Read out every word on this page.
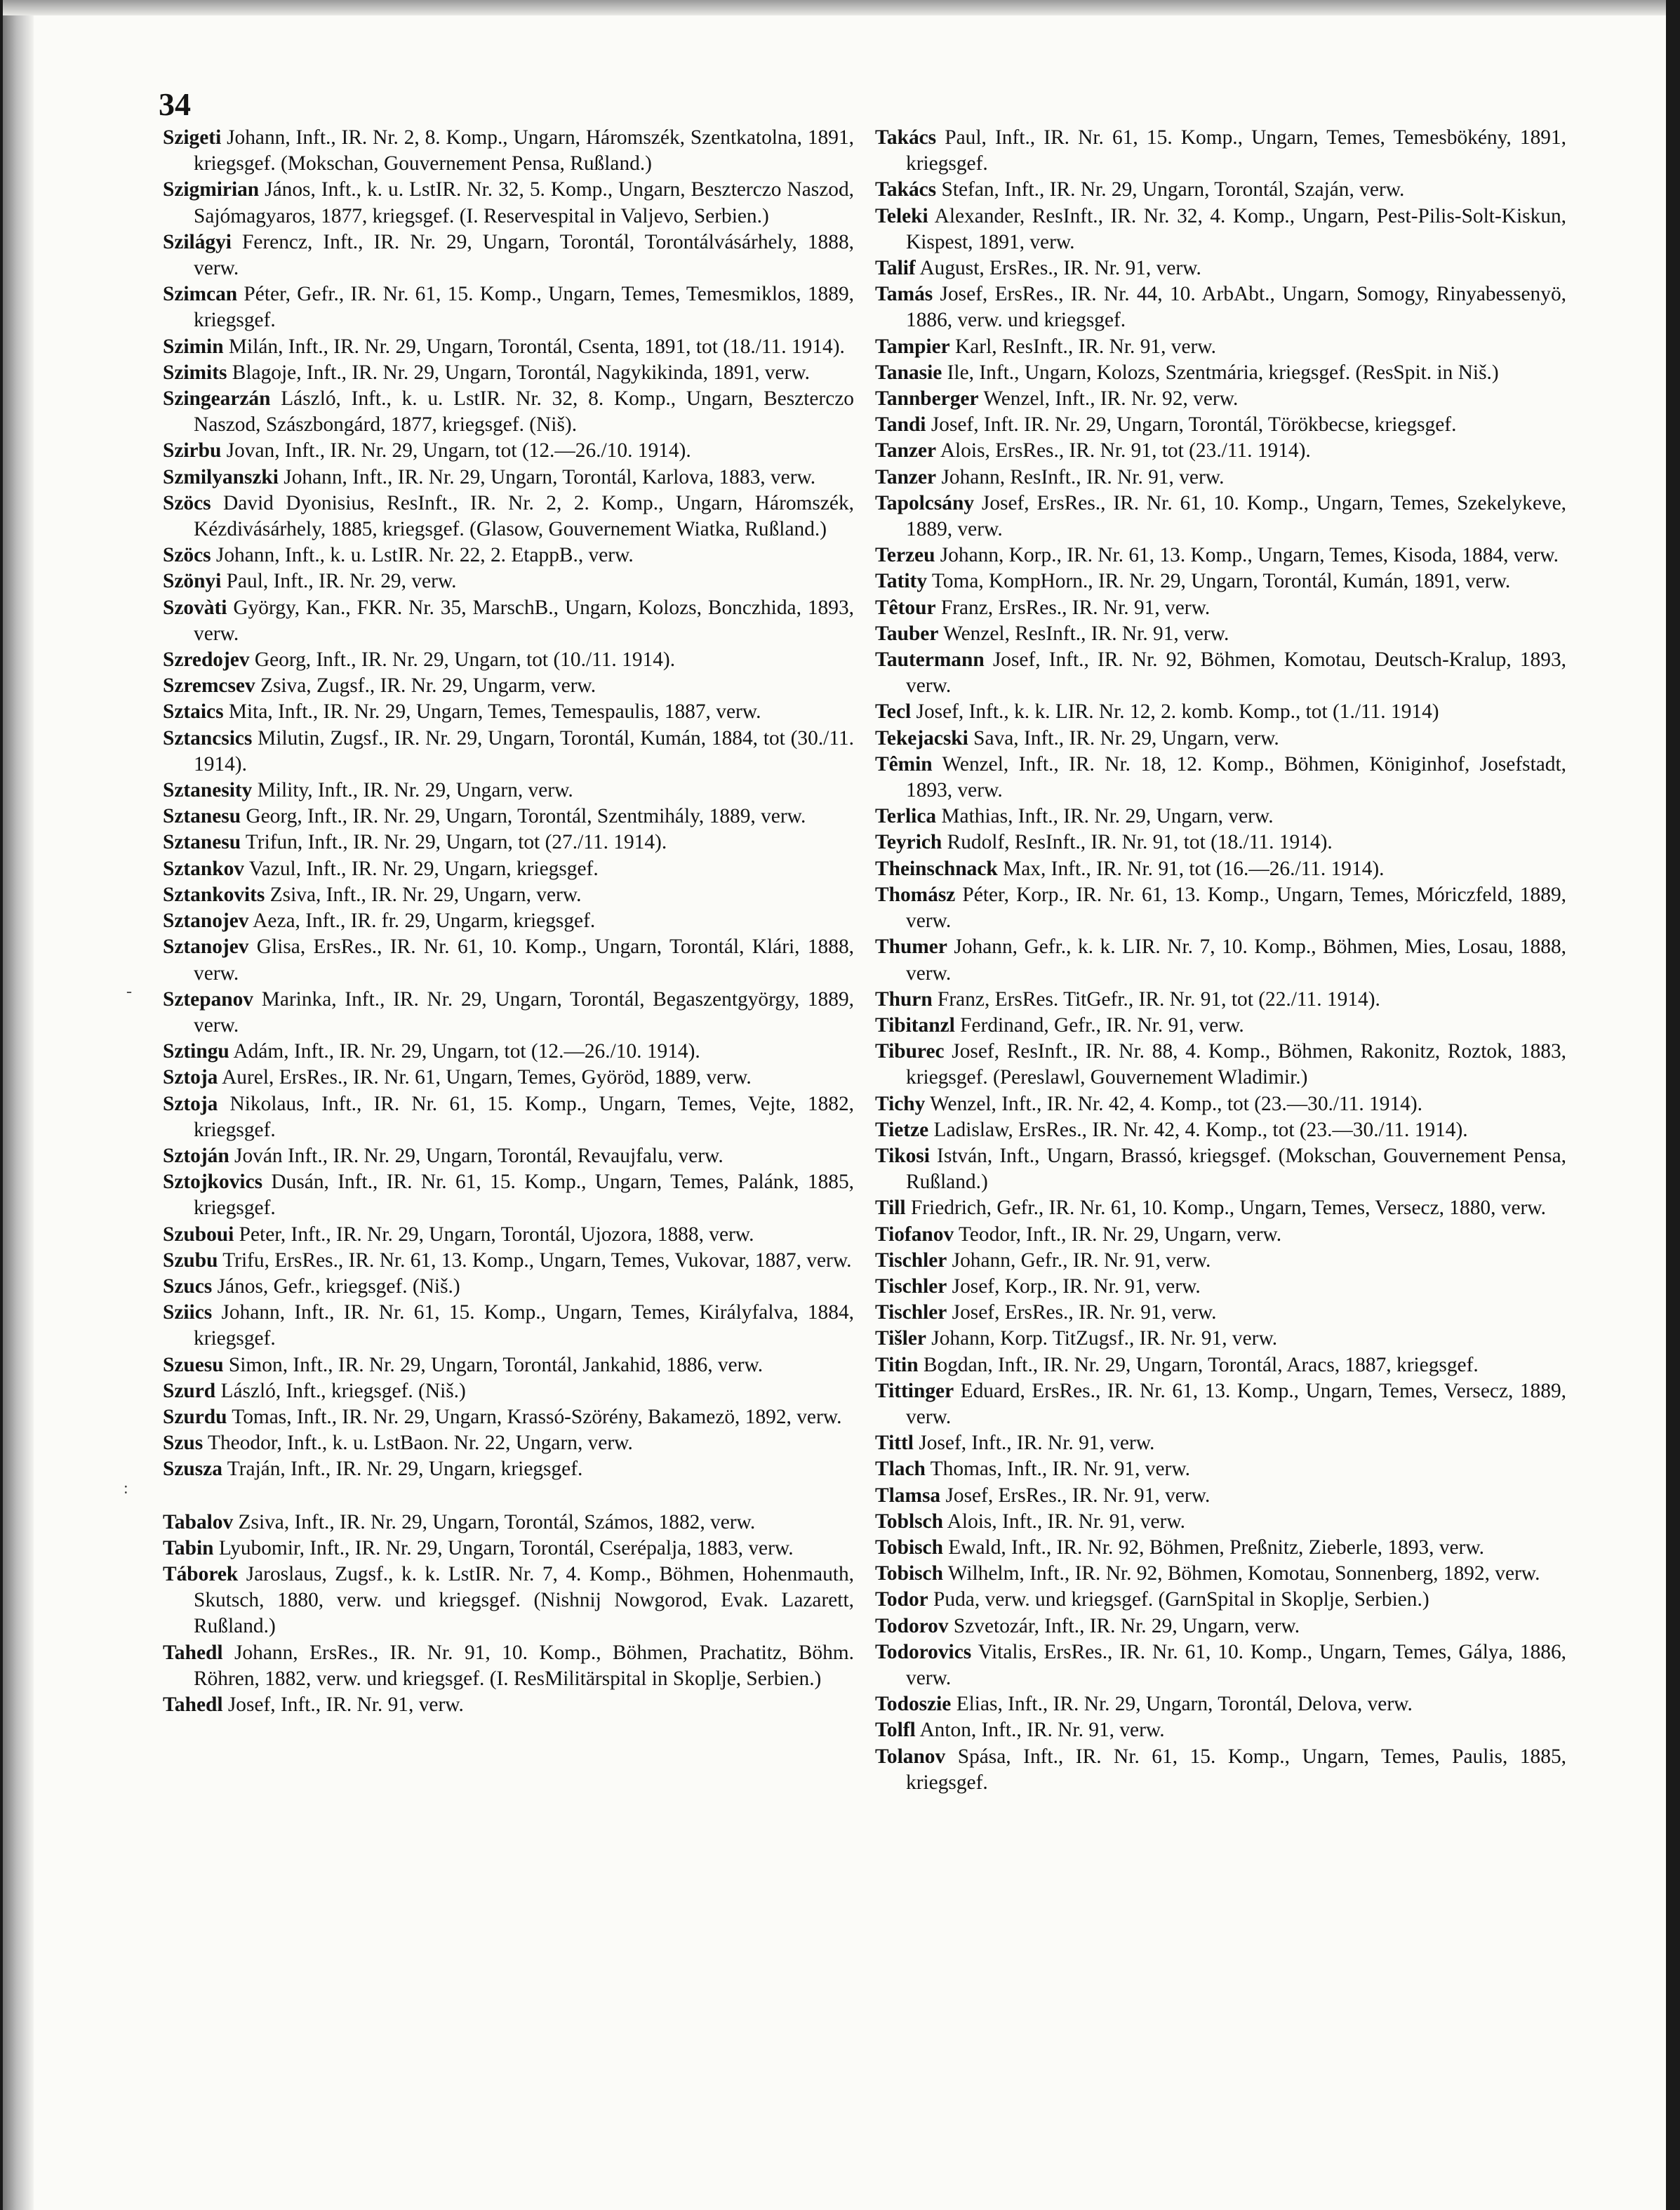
-
:
34
Szigeti Johann, Inft., IR. Nr. 2, 8. Komp., Ungarn, Háromszék, Szentkatolna, 1891, kriegsgef. (Mokschan, Gouvernement Pensa, Rußland.)
Szigmirian János, Inft., k. u. LstIR. Nr. 32, 5. Komp., Ungarn, Beszterczo Naszod, Sajómagyaros, 1877, kriegsgef. (I. Reservespital in Valjevo, Serbien.)
Szilágyi Ferencz, Inft., IR. Nr. 29, Ungarn, Torontál, Torontálvásárhely, 1888, verw.
Szimcan Péter, Gefr., IR. Nr. 61, 15. Komp., Ungarn, Temes, Temesmiklos, 1889, kriegsgef.
Szimin Milán, Inft., IR. Nr. 29, Ungarn, Torontál, Csenta, 1891, tot (18./11. 1914).
Szimits Blagoje, Inft., IR. Nr. 29, Ungarn, Torontál, Nagykikinda, 1891, verw.
Szingearzán László, Inft., k. u. LstIR. Nr. 32, 8. Komp., Ungarn, Beszterczo Naszod, Szászbongárd, 1877, kriegsgef. (Niš).
Szirbu Jovan, Inft., IR. Nr. 29, Ungarn, tot (12.—26./10. 1914).
Szmilyanszki Johann, Inft., IR. Nr. 29, Ungarn, Torontál, Karlova, 1883, verw.
Szöcs David Dyonisius, ResInft., IR. Nr. 2, 2. Komp., Ungarn, Háromszék, Kézdivásárhely, 1885, kriegsgef. (Glasow, Gouvernement Wiatka, Rußland.)
Szöcs Johann, Inft., k. u. LstIR. Nr. 22, 2. EtappB., verw.
Szönyi Paul, Inft., IR. Nr. 29, verw.
Szovàti György, Kan., FKR. Nr. 35, MarschB., Ungarn, Kolozs, Bonczhida, 1893, verw.
Szredojev Georg, Inft., IR. Nr. 29, Ungarn, tot (10./11. 1914).
Szremcsev Zsiva, Zugsf., IR. Nr. 29, Ungarm, verw.
Sztaics Mita, Inft., IR. Nr. 29, Ungarn, Temes, Temespaulis, 1887, verw.
Sztancsics Milutin, Zugsf., IR. Nr. 29, Ungarn, Torontál, Kumán, 1884, tot (30./11. 1914).
Sztanesity Mility, Inft., IR. Nr. 29, Ungarn, verw.
Sztanesu Georg, Inft., IR. Nr. 29, Ungarn, Torontál, Szentmihály, 1889, verw.
Sztanesu Trifun, Inft., IR. Nr. 29, Ungarn, tot (27./11. 1914).
Sztankov Vazul, Inft., IR. Nr. 29, Ungarn, kriegsgef.
Sztankovits Zsiva, Inft., IR. Nr. 29, Ungarn, verw.
Sztanojev Aeza, Inft., IR. fr. 29, Ungarm, kriegsgef.
Sztanojev Glisa, ErsRes., IR. Nr. 61, 10. Komp., Ungarn, Torontál, Klári, 1888, verw.
Sztepanov Marinka, Inft., IR. Nr. 29, Ungarn, Torontál, Begaszentgyörgy, 1889, verw.
Sztingu Adám, Inft., IR. Nr. 29, Ungarn, tot (12.—26./10. 1914).
Sztoja Aurel, ErsRes., IR. Nr. 61, Ungarn, Temes, Györöd, 1889, verw.
Sztoja Nikolaus, Inft., IR. Nr. 61, 15. Komp., Ungarn, Temes, Vejte, 1882, kriegsgef.
Sztoján Jován Inft., IR. Nr. 29, Ungarn, Torontál, Revaujfalu, verw.
Sztojkovics Dusán, Inft., IR. Nr. 61, 15. Komp., Ungarn, Temes, Palánk, 1885, kriegsgef.
Szuboui Peter, Inft., IR. Nr. 29, Ungarn, Torontál, Ujozora, 1888, verw.
Szubu Trifu, ErsRes., IR. Nr. 61, 13. Komp., Ungarn, Temes, Vukovar, 1887, verw.
Szucs János, Gefr., kriegsgef. (Niš.)
Sziics Johann, Inft., IR. Nr. 61, 15. Komp., Ungarn, Temes, Királyfalva, 1884, kriegsgef.
Szuesu Simon, Inft., IR. Nr. 29, Ungarn, Torontál, Jankahid, 1886, verw.
Szurd László, Inft., kriegsgef. (Niš.)
Szurdu Tomas, Inft., IR. Nr. 29, Ungarn, Krassó-Szörény, Bakamezö, 1892, verw.
Szus Theodor, Inft., k. u. LstBaon. Nr. 22, Ungarn, verw.
Szusza Traján, Inft., IR. Nr. 29, Ungarn, kriegsgef.
Tabalov Zsiva, Inft., IR. Nr. 29, Ungarn, Torontál, Számos, 1882, verw.
Tabin Lyubomir, Inft., IR. Nr. 29, Ungarn, Torontál, Cserépalja, 1883, verw.
Táborek Jaroslaus, Zugsf., k. k. LstIR. Nr. 7, 4. Komp., Böhmen, Hohenmauth, Skutsch, 1880, verw. und kriegsgef. (Nishnij Nowgorod, Evak. Lazarett, Rußland.)
Tahedl Johann, ErsRes., IR. Nr. 91, 10. Komp., Böhmen, Prachatitz, Böhm. Röhren, 1882, verw. und kriegsgef. (I. ResMilitärspital in Skoplje, Serbien.)
Tahedl Josef, Inft., IR. Nr. 91, verw.
Takács Paul, Inft., IR. Nr. 61, 15. Komp., Ungarn, Temes, Temesbökény, 1891, kriegsgef.
Takács Stefan, Inft., IR. Nr. 29, Ungarn, Torontál, Szaján, verw.
Teleki Alexander, ResInft., IR. Nr. 32, 4. Komp., Ungarn, Pest-Pilis-Solt-Kiskun, Kispest, 1891, verw.
Talif August, ErsRes., IR. Nr. 91, verw.
Tamás Josef, ErsRes., IR. Nr. 44, 10. ArbAbt., Ungarn, Somogy, Rinyabessenyö, 1886, verw. und kriegsgef.
Tampier Karl, ResInft., IR. Nr. 91, verw.
Tanasie Ile, Inft., Ungarn, Kolozs, Szentmária, kriegsgef. (ResSpit. in Niš.)
Tannberger Wenzel, Inft., IR. Nr. 92, verw.
Tandi Josef, Inft. IR. Nr. 29, Ungarn, Torontál, Törökbecse, kriegsgef.
Tanzer Alois, ErsRes., IR. Nr. 91, tot (23./11. 1914).
Tanzer Johann, ResInft., IR. Nr. 91, verw.
Tapolcsány Josef, ErsRes., IR. Nr. 61, 10. Komp., Ungarn, Temes, Szekelykeve, 1889, verw.
Terzeu Johann, Korp., IR. Nr. 61, 13. Komp., Ungarn, Temes, Kisoda, 1884, verw.
Tatity Toma, KompHorn., IR. Nr. 29, Ungarn, Torontál, Kumán, 1891, verw.
Têtour Franz, ErsRes., IR. Nr. 91, verw.
Tauber Wenzel, ResInft., IR. Nr. 91, verw.
Tautermann Josef, Inft., IR. Nr. 92, Böhmen, Komotau, Deutsch-Kralup, 1893, verw.
Tecl Josef, Inft., k. k. LIR. Nr. 12, 2. komb. Komp., tot (1./11. 1914)
Tekejacski Sava, Inft., IR. Nr. 29, Ungarn, verw.
Têmin Wenzel, Inft., IR. Nr. 18, 12. Komp., Böhmen, Königinhof, Josefstadt, 1893, verw.
Terlica Mathias, Inft., IR. Nr. 29, Ungarn, verw.
Teyrich Rudolf, ResInft., IR. Nr. 91, tot (18./11. 1914).
Theinschnack Max, Inft., IR. Nr. 91, tot (16.—26./11. 1914).
Thomász Péter, Korp., IR. Nr. 61, 13. Komp., Ungarn, Temes, Móriczfeld, 1889, verw.
Thumer Johann, Gefr., k. k. LIR. Nr. 7, 10. Komp., Böhmen, Mies, Losau, 1888, verw.
Thurn Franz, ErsRes. TitGefr., IR. Nr. 91, tot (22./11. 1914).
Tibitanzl Ferdinand, Gefr., IR. Nr. 91, verw.
Tiburec Josef, ResInft., IR. Nr. 88, 4. Komp., Böhmen, Rakonitz, Roztok, 1883, kriegsgef. (Pereslawl, Gouvernement Wladimir.)
Tichy Wenzel, Inft., IR. Nr. 42, 4. Komp., tot (23.—30./11. 1914).
Tietze Ladislaw, ErsRes., IR. Nr. 42, 4. Komp., tot (23.—30./11. 1914).
Tikosi István, Inft., Ungarn, Brassó, kriegsgef. (Mokschan, Gouvernement Pensa, Rußland.)
Till Friedrich, Gefr., IR. Nr. 61, 10. Komp., Ungarn, Temes, Versecz, 1880, verw.
Tiofanov Teodor, Inft., IR. Nr. 29, Ungarn, verw.
Tischler Johann, Gefr., IR. Nr. 91, verw.
Tischler Josef, Korp., IR. Nr. 91, verw.
Tischler Josef, ErsRes., IR. Nr. 91, verw.
Tišler Johann, Korp. TitZugsf., IR. Nr. 91, verw.
Titin Bogdan, Inft., IR. Nr. 29, Ungarn, Torontál, Aracs, 1887, kriegsgef.
Tittinger Eduard, ErsRes., IR. Nr. 61, 13. Komp., Ungarn, Temes, Versecz, 1889, verw.
Tittl Josef, Inft., IR. Nr. 91, verw.
Tlach Thomas, Inft., IR. Nr. 91, verw.
Tlamsa Josef, ErsRes., IR. Nr. 91, verw.
Toblsch Alois, Inft., IR. Nr. 91, verw.
Tobisch Ewald, Inft., IR. Nr. 92, Böhmen, Preßnitz, Zieberle, 1893, verw.
Tobisch Wilhelm, Inft., IR. Nr. 92, Böhmen, Komotau, Sonnenberg, 1892, verw.
Todor Puda, verw. und kriegsgef. (GarnSpital in Skoplje, Serbien.)
Todorov Szvetozár, Inft., IR. Nr. 29, Ungarn, verw.
Todorovics Vitalis, ErsRes., IR. Nr. 61, 10. Komp., Ungarn, Temes, Gálya, 1886, verw.
Todoszie Elias, Inft., IR. Nr. 29, Ungarn, Torontál, Delova, verw.
Tolfl Anton, Inft., IR. Nr. 91, verw.
Tolanov Spása, Inft., IR. Nr. 61, 15. Komp., Ungarn, Temes, Paulis, 1885, kriegsgef.
